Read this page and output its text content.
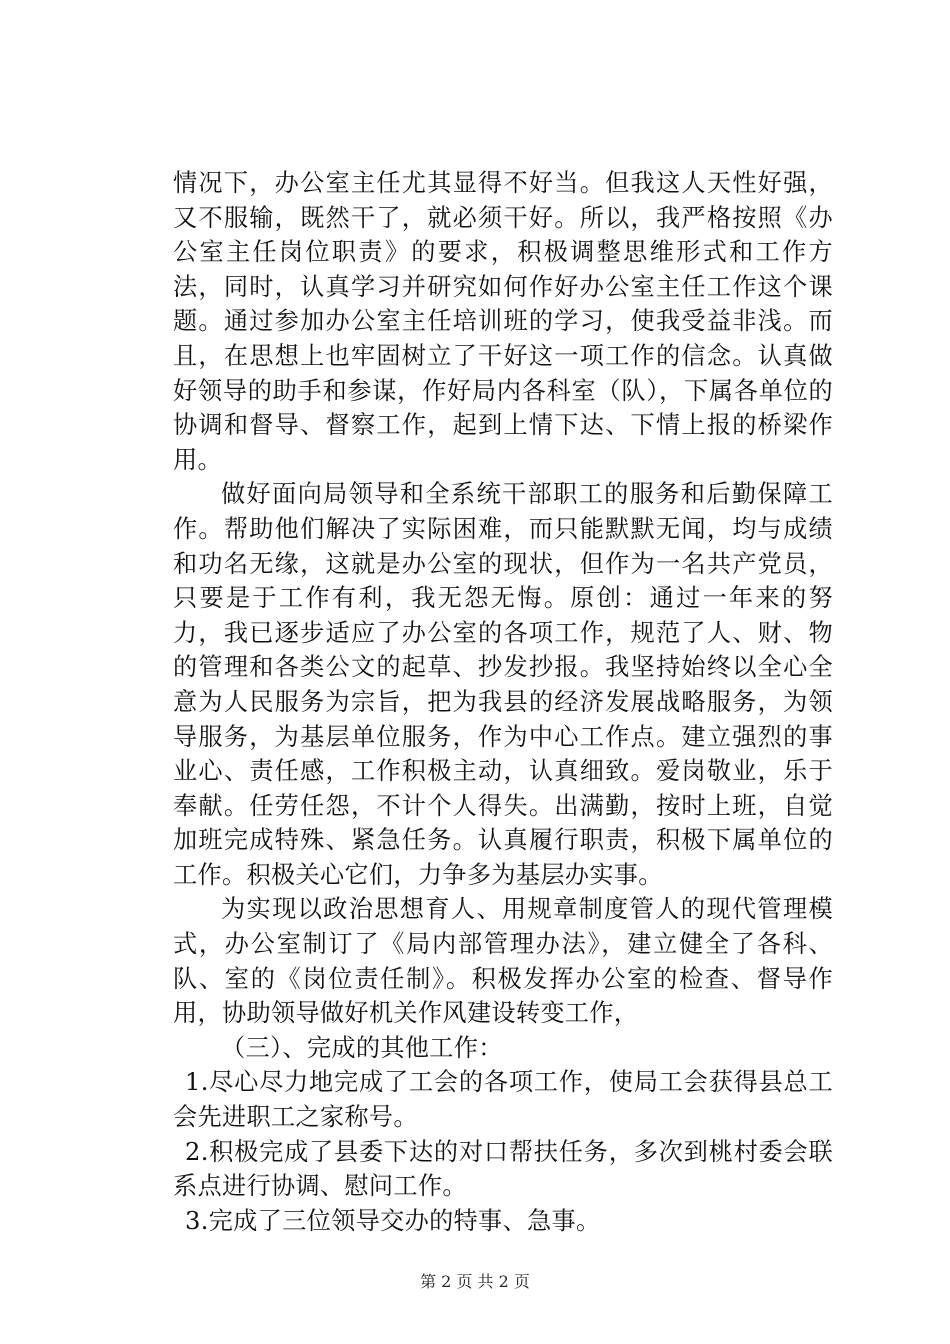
情况下，办公室主任尤其显得不好当。但我这人天性好强，又不服输，既然干了，就必须干好。所以，我严格按照《办公室主任岗位职责》的要求，积极调整思维形式和工作方法，同时，认真学习并研究如何作好办公室主任工作这个课题。通过参加办公室主任培训班的学习，使我受益非浅。而且，在思想上也牢固树立了干好这一项工作的信念。认真做好领导的助手和参谋，作好局内各科室（队），下属各单位的协调和督导、督察工作，起到上情下达、下情上报的桥梁作用。

做好面向局领导和全系统干部职工的服务和后勤保障工作。帮助他们解决了实际困难，而只能默默无闻，均与成绩和功名无缘，这就是办公室的现状，但作为一名共产党员，只要是于工作有利，我无怨无悔。原创：通过一年来的努力，我已逐步适应了办公室的各项工作，规范了人、财、物的管理和各类公文的起草、抄发抄报。我坚持始终以全心全意为人民服务为宗旨，把为我县的经济发展战略服务，为领导服务，为基层单位服务，作为中心工作点。建立强烈的事业心、责任感，工作积极主动，认真细致。爱岗敬业，乐于奉献。任劳任怨，不计个人得失。出满勤，按时上班，自觉加班完成特殊、紧急任务。认真履行职责，积极下属单位的工作。积极关心它们，力争多为基层办实事。

为实现以政治思想育人、用规章制度管人的现代管理模式，办公室制订了《局内部管理办法》，建立健全了各科、队、室的《岗位责任制》。积极发挥办公室的检查、督导作用，协助领导做好机关作风建设转变工作，

（三）、完成的其他工作：

1.尽心尽力地完成了工会的各项工作，使局工会获得县总工会先进职工之家称号。

2.积极完成了县委下达的对口帮扶任务，多次到桃村委会联系点进行协调、慰问工作。

3.完成了三位领导交办的特事、急事。

第 2 页 共 2 页
